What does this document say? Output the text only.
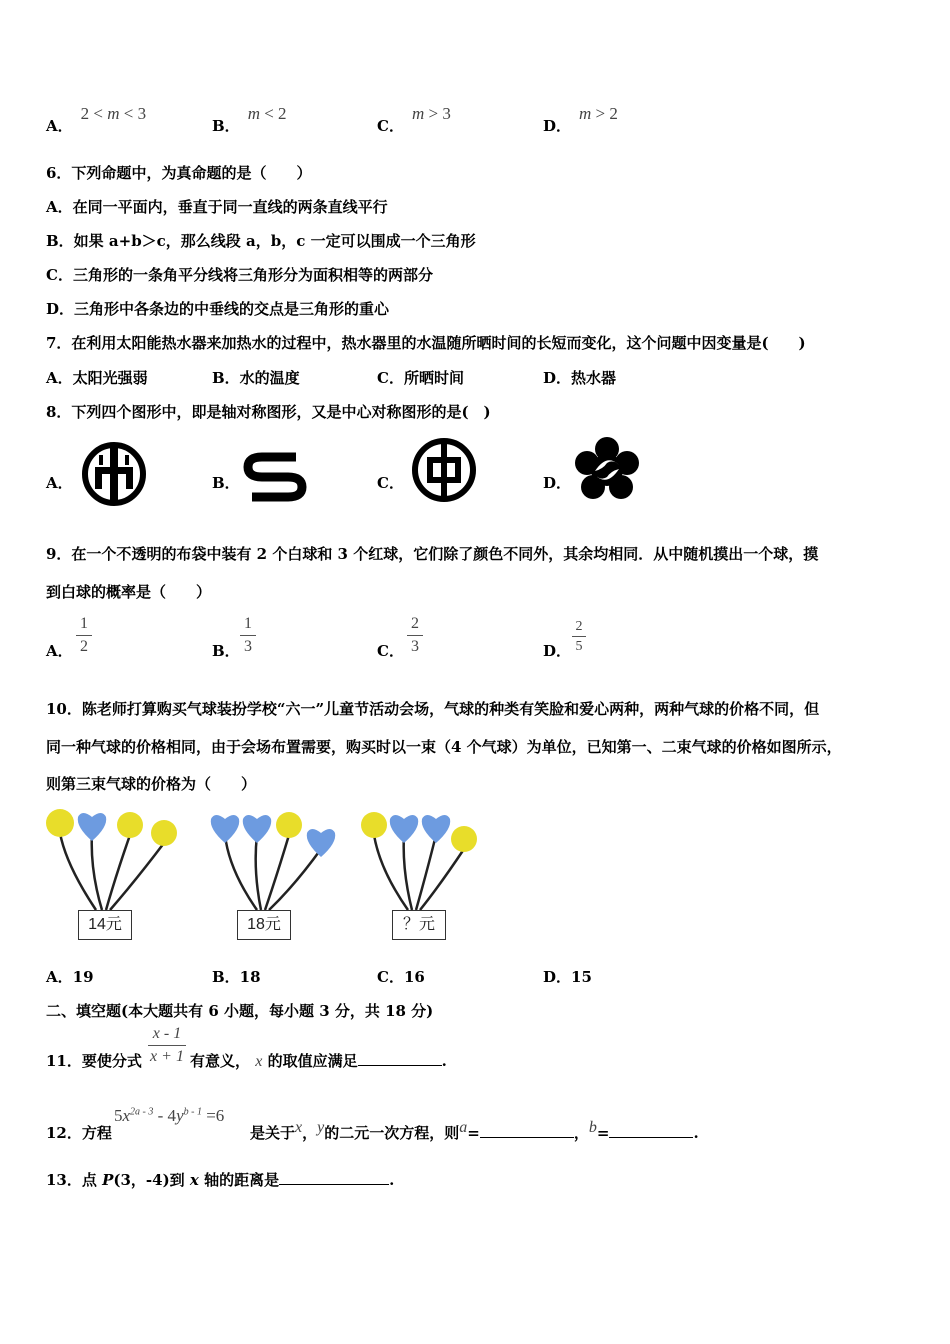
A．2 < m < 3
B．m < 2
C．m > 3
D．m > 2
6．下列命题中，为真命题的是（　　）
A．在同一平面内，垂直于同一直线的两条直线平行
B．如果 a+b＞c，那么线段 a，b，c 一定可以围成一个三角形
C．三角形的一条角平分线将三角形分为面积相等的两部分
D．三角形中各条边的中垂线的交点是三角形的重心
7．在利用太阳能热水器来加热水的过程中，热水器里的水温随所晒时间的长短而变化，这个问题中因变量是(　　)
A．太阳光强弱	B．水的温度	C．所晒时间	D．热水器
8．下列四个图形中，即是轴对称图形，又是中心对称图形的是(　)
A．	B．	C．	D．
9．在一个不透明的布袋中装有 2 个白球和 3 个红球，它们除了颜色不同外，其余均相同．从中随机摸出一个球，摸
到白球的概率是（　　）
A．
1
2	B．
1
3	C．
2
3	D．
2
5
10．陈老师打算购买气球装扮学校“六一”儿童节活动会场，气球的种类有笑脸和爱心两种，两种气球的价格不同，但
同一种气球的价格相同，由于会场布置需要，购买时以一束（4 个气球）为单位，已知第一、二束气球的价格如图所示，
则第三束气球的价格为（　　）
14元	18元	？元
A．19	B．18	C．16	D．15
二、填空题(本大题共有 6 小题，每小题 3 分，共 18 分)
11．要使分式
x - 1
x + 1 有意义， x 的取值应满足	.
12．方程
$5x^{2a - 3} - 4y^{b - 1} =6$
是关于x，y的二元一次方程，则a=	，b=	.
13．点 P(3，-4)到 x 轴的距离是	.
